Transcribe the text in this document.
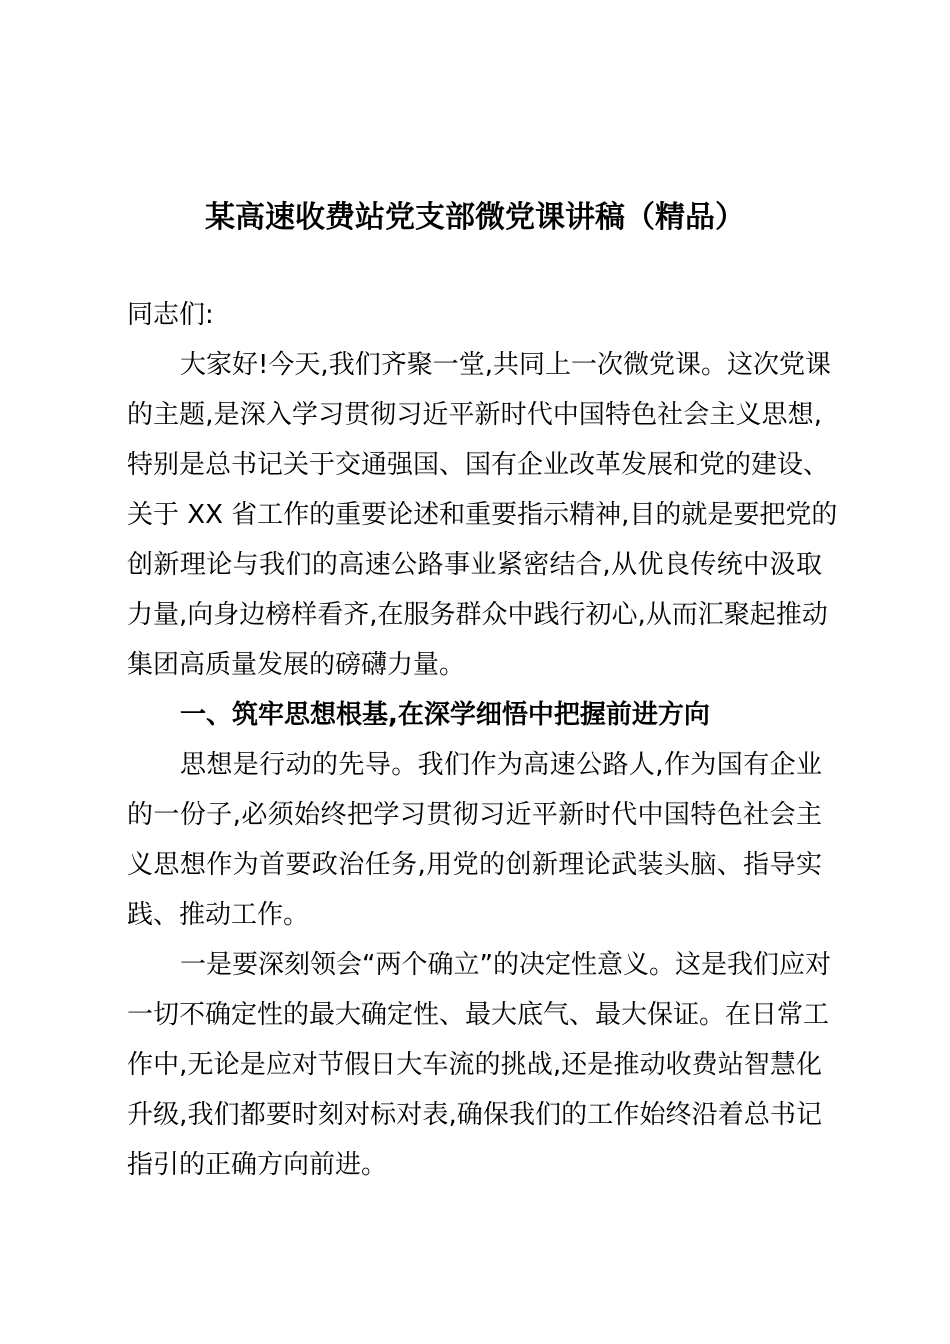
某高速收费站党支部微党课讲稿（精品）
同志们:
大家好!今天,我们齐聚一堂,共同上一次微党课。这次党课
的主题,是深入学习贯彻习近平新时代中国特色社会主义思想,
特别是总书记关于交通强国、国有企业改革发展和党的建设、
关于 XX 省工作的重要论述和重要指示精神,目的就是要把党的
创新理论与我们的高速公路事业紧密结合,从优良传统中汲取
力量,向身边榜样看齐,在服务群众中践行初心,从而汇聚起推动
集团高质量发展的磅礴力量。
一、筑牢思想根基,在深学细悟中把握前进方向
思想是行动的先导。我们作为高速公路人,作为国有企业
的一份子,必须始终把学习贯彻习近平新时代中国特色社会主
义思想作为首要政治任务,用党的创新理论武装头脑、指导实
践、推动工作。
一是要深刻领会“两个确立”的决定性意义。这是我们应对
一切不确定性的最大确定性、最大底气、最大保证。在日常工
作中,无论是应对节假日大车流的挑战,还是推动收费站智慧化
升级,我们都要时刻对标对表,确保我们的工作始终沿着总书记
指引的正确方向前进。
